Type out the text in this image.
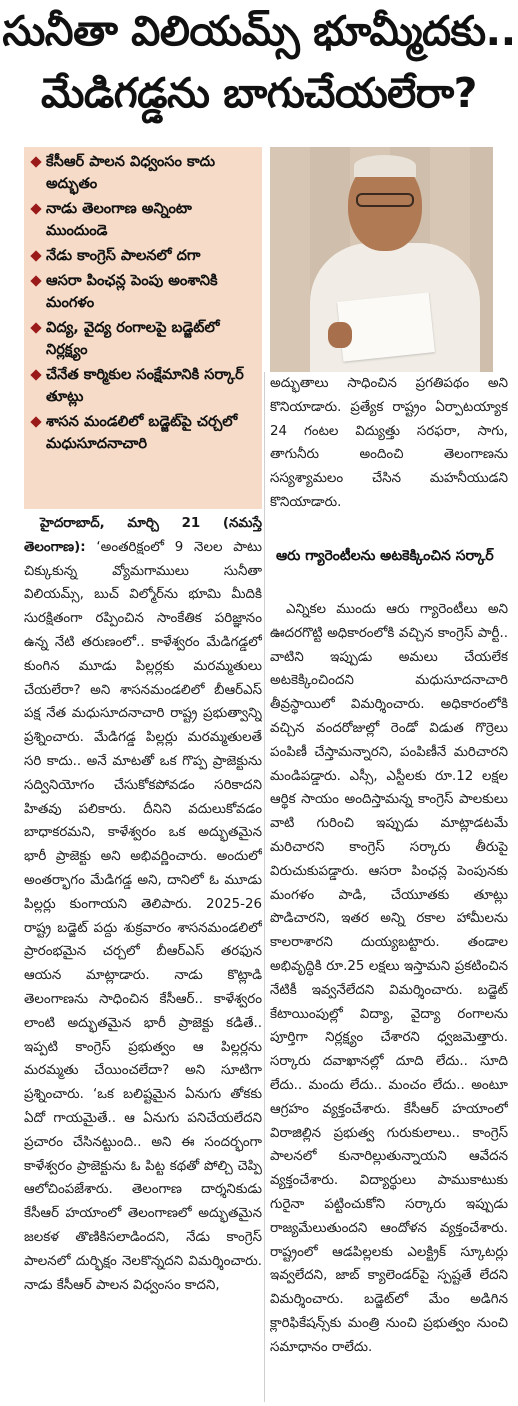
సునీతా విలియమ్స్‌ భూమ్మీదకు..
మేడిగడ్డను బాగుచేయలేరా?
కేసీఆర్‌ పాలన విధ్వంసం కాదు అద్భుతం
నాడు తెలంగాణ అన్నింటా ముందుండె
నేడు కాంగ్రెస్‌ పాలనలో దగా
ఆసరా పింఛన్ల పెంపు అంశానికి మంగళం
విద్య, వైద్య రంగాలపై బడ్జెట్‌లో నిర్లక్ష్యం
చేనేత కార్మికుల సంక్షేమానికి సర్కార్‌ తూట్లు
శాసన మండలిలో బడ్జెట్‌పై చర్చలో మధుసూదనాచారి

హైదరాబాద్‌, మార్చి 21 (నమస్తే తెలంగాణ): ‘అంతరిక్షంలో 9 నెలల పాటు చిక్కుకున్న వ్యోమగాములు సునీతా విలియమ్స్‌, బుచ్‌ విల్మోర్‌ను భూమి మీదికి సురక్షితంగా రప్పించిన సాంకేతిక పరిజ్ఞానం ఉన్న నేటి తరుణంలో.. కాళేశ్వరం మేడిగడ్డలో కుంగిన మూడు పిల్లర్లకు మరమ్మతులు చేయలేరా? అని శాసనమండలిలో బీఆర్‌ఎస్‌ పక్ష నేత మధుసూదనాచారి రాష్ట్ర ప్రభుత్వాన్ని ప్రశ్నించారు. మేడిగడ్డ పిల్లర్లు మరమ్మతులతే సరి కాదు.. అనే మాటతో ఒక గొప్ప ప్రాజెక్టును సద్వినియోగం చేసుకోకపోవడం సరికాదని హితవు పలికారు. దీనిని వదులుకోవడం బాధాకరమని, కాళేశ్వరం ఒక అద్భుతమైన భారీ ప్రాజెక్టు అని అభివర్ణించారు. అందులో అంతర్భాగం మేడిగడ్డ అని, దానిలో ఓ మూడు పిల్లర్లు కుంగాయని తెలిపారు. 2025-26 రాష్ట్ర బడ్జెట్‌ పద్దు శుక్రవారం శాసనమండలిలో ప్రారంభమైన చర్చలో బీఆర్‌ఎస్‌ తరఫున ఆయన మాట్లాడారు. నాడు కొట్లాడి తెలంగాణను సాధించిన కేసీఆర్‌.. కాళేశ్వరం లాంటి అద్భుతమైన భారీ ప్రాజెక్టు కడితే.. ఇప్పటి కాంగ్రెస్‌ ప్రభుత్వం ఆ పిల్లర్లను మరమ్మతు చేయించలేదా? అని సూటిగా ప్రశ్నించారు. ‘ఒక బలిష్టమైన ఏనుగు తోకకు ఏదో గాయమైతే.. ఆ ఏనుగు పనిచేయలేదని ప్రచారం చేసినట్టుంది.. అని ఈ సందర్భంగా కాళేశ్వరం ప్రాజెక్టును ఓ పిట్ట కథతో పోల్చి చెప్పి ఆలోచింపజేశారు. తెలంగాణ దార్శనికుడు కేసీఆర్‌ హయాంలో తెలంగాణలో అద్భుతమైన జలకళ తొణికిసలాడిందని, నేడు కాంగ్రెస్‌ పాలనలో దుర్భిక్షం నెలకొన్నదని విమర్శించారు. నాడు కేసీఆర్‌ పాలన విధ్వంసం కాదని,

అద్భుతాలు సాధించిన ప్రగతిపథం అని కొనియాడారు. ప్రత్యేక రాష్ట్రం ఏర్పాటయ్యాక 24 గంటల విద్యుత్తు సరఫరా, సాగు, తాగునీరు అందించి తెలంగాణను సస్యశ్యామలం చేసిన మహనీయుడని కొనియాడారు.

ఆరు గ్యారెంటీలను అటకెక్కించిన సర్కార్‌

ఎన్నికల ముందు ఆరు గ్యారెంటీలు అని ఊదరగొట్టి అధికారంలోకి వచ్చిన కాంగ్రెస్‌ పార్టీ.. వాటిని ఇప్పుడు అమలు చేయలేక అటకెక్కించిందని మధుసూదనాచారి తీవ్రస్థాయిలో విమర్శించారు. అధికారంలోకి వచ్చిన వందరోజుల్లో రెండో విడుత గొర్రెలు పంపిణీ చేస్తామన్నారని, పంపిణీనే మరిచారని మండిపడ్డారు. ఎస్సీ, ఎస్టీలకు రూ.12 లక్షల ఆర్థిక సాయం అందిస్తామన్న కాంగ్రెస్‌ పాలకులు వాటి గురించి ఇప్పుడు మాట్లాడటమే మరిచారని కాంగ్రెస్‌ సర్కారు తీరుపై విరుచుకుపడ్డారు. ఆసరా పింఛన్ల పెంపునకు మంగళం పాడి, చేయూతకు తూట్లు పొడిచారని, ఇతర అన్ని రకాల హామీలను కాలరాశారని దుయ్యబట్టారు. తండాల అభివృద్ధికి రూ.25 లక్షలు ఇస్తామని ప్రకటించిన నేటికీ ఇవ్వనేలేదని విమర్శించారు. బడ్జెట్‌ కేటాయింపుల్లో విద్యా, వైద్యా రంగాలను పూర్తిగా నిర్లక్ష్యం చేశారని ధ్వజమెత్తారు. సర్కారు దవాఖానల్లో దూది లేదు.. సూది లేదు.. మందు లేదు.. మంచం లేదు.. అంటూ ఆగ్రహం వ్యక్తంచేశారు. కేసీఆర్‌ హయాంలో విరాజిల్లిన ప్రభుత్వ గురుకులాలు.. కాంగ్రెస్‌ పాలనలో కునారిల్లుతున్నాయని ఆవేదన వ్యక్తంచేశారు. విద్యార్థులు పాముకాటుకు గురైనా పట్టించుకోని సర్కారు ఇప్పుడు రాజ్యమేలుతుందని ఆందోళన వ్యక్తంచేశారు. రాష్ట్రంలో ఆడపిల్లలకు ఎలక్ట్రిక్‌ స్కూటర్లు ఇవ్వలేదని, జాబ్‌ క్యాలెండర్‌పై స్పష్టతే లేదని విమర్శించారు. బడ్జెట్‌లో మేం అడిగిన క్లారిఫికేషన్స్‌కు మంత్రి నుంచి ప్రభుత్వం నుంచి సమాధానం రాలేదు.
